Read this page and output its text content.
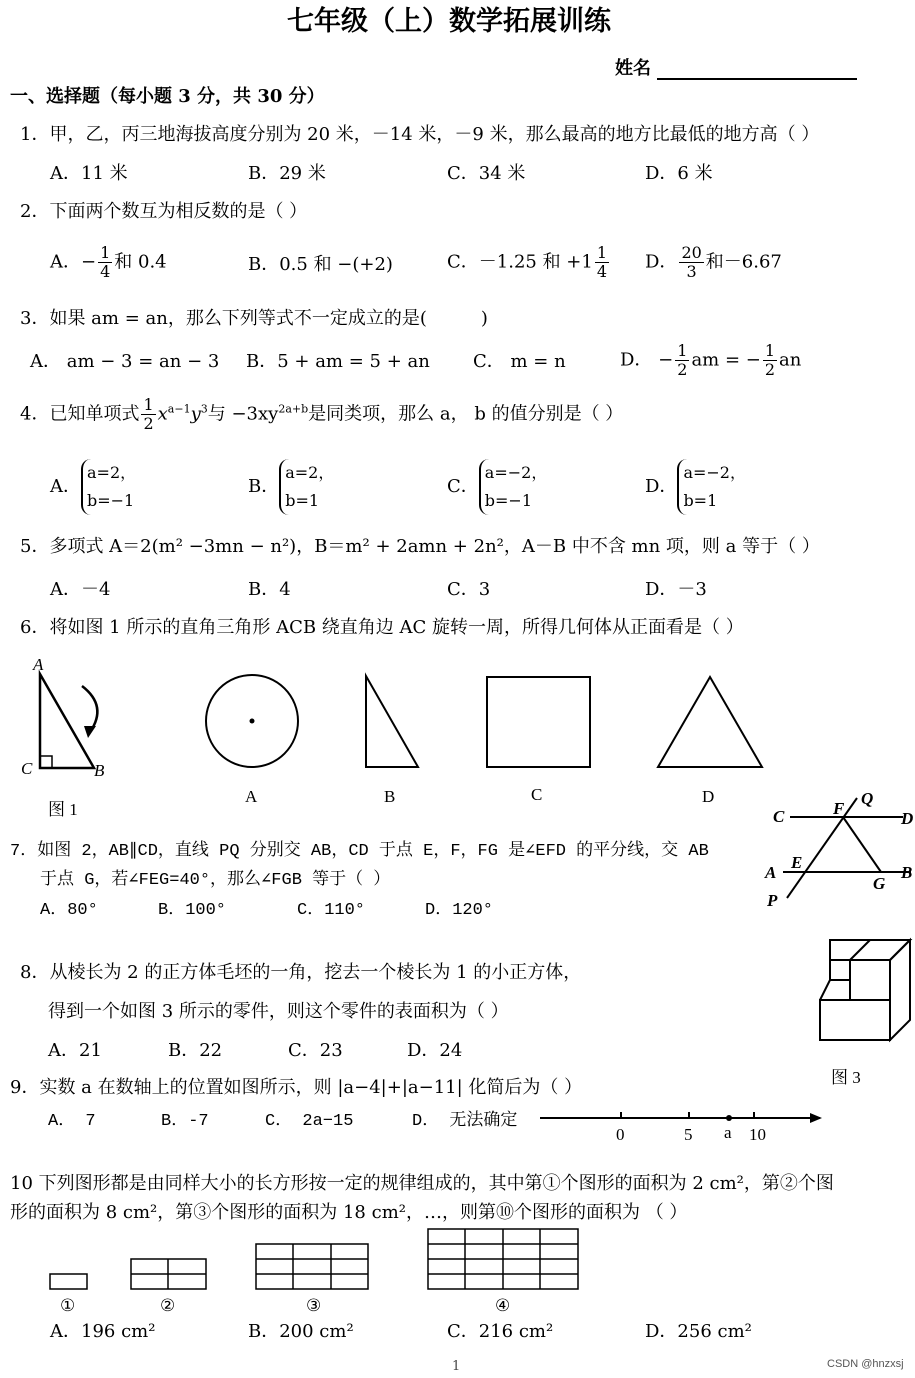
七年级（上）数学拓展训练
姓名
一、选择题（每小题 3 分，共 30 分）
1．甲，乙，丙三地海拔高度分别为 20 米，－14 米，－9 米，那么最高的地方比最低的地方高（ ）
A．11 米	B．29 米	C．34 米	D．6 米
2．下面两个数互为相反数的是（ ）
A．− $\frac{1}{4}$ 和 0.4	B．0.5 和 −(+2)	C．－1.25 和 $+1 \frac{1}{4}$ D． $\frac{20}{3}$ 和－6.67
3．如果 am = an，那么下列等式不一定成立的是(　　　)
A． am − 3 = an − 3 B．5 + am = 5 + an C． m = n	D． − $\frac{1}{2}$ am = − $\frac{1}{2}$ an
4．已知单项式 $\frac{1}{2} x^{a-1}y^3$与 $-3xy^{2a+b}$是同类项，那么 a， b 的值分别是（ ）
A．
a=2，
b=−1
B．
a=2，
b=1
C．
a=−2，
b=−1
D．
a=−2，
b=1
5．多项式 A＝2(m² −3mn − n²)，B＝m² + 2amn + 2n²，A－B 中不含 mn 项，则 a 等于（ ）
A．－4	B．4	C．3	D．－3
6．将如图 1 所示的直角三角形 ACB 绕直角边 AC 旋转一周，所得几何体从正面看是（ ）
A
C	B
图 1
A	B	C	D
7．如图 2，AB∥CD，直线 PQ 分别交 AB，CD 于点 E，F，FG 是∠EFD 的平分线，交 AB
于点 G，若∠FEG=40°，那么∠FGB 等于（ ）
A．80°	B．100°	C．110°	D．120°
C	F
Q
D
A
E
G
B
P
8．从棱长为 2 的正方体毛坯的一角，挖去一个棱长为 1 的小正方体，
得到一个如图 3 所示的零件，则这个零件的表面积为（ ）
A．21	B．22	C．23	D．24
图 3
9．实数 a 在数轴上的位置如图所示，则 |a−4|+|a−11| 化简后为（ ）
A． 7	B．-7	C． 2a−15	D． 无法确定
0	5 a 10
10 下列图形都是由同样大小的长方形按一定的规律组成的，其中第①个图形的面积为 2 cm²，第②个图
形的面积为 8 cm²，第③个图形的面积为 18 cm²，…，则第⑩个图形的面积为 （ ）
①	②	③	④
A．196 cm²	B．200 cm²	C．216 cm²	D．256 cm²
1	CSDN @hnzxsj
